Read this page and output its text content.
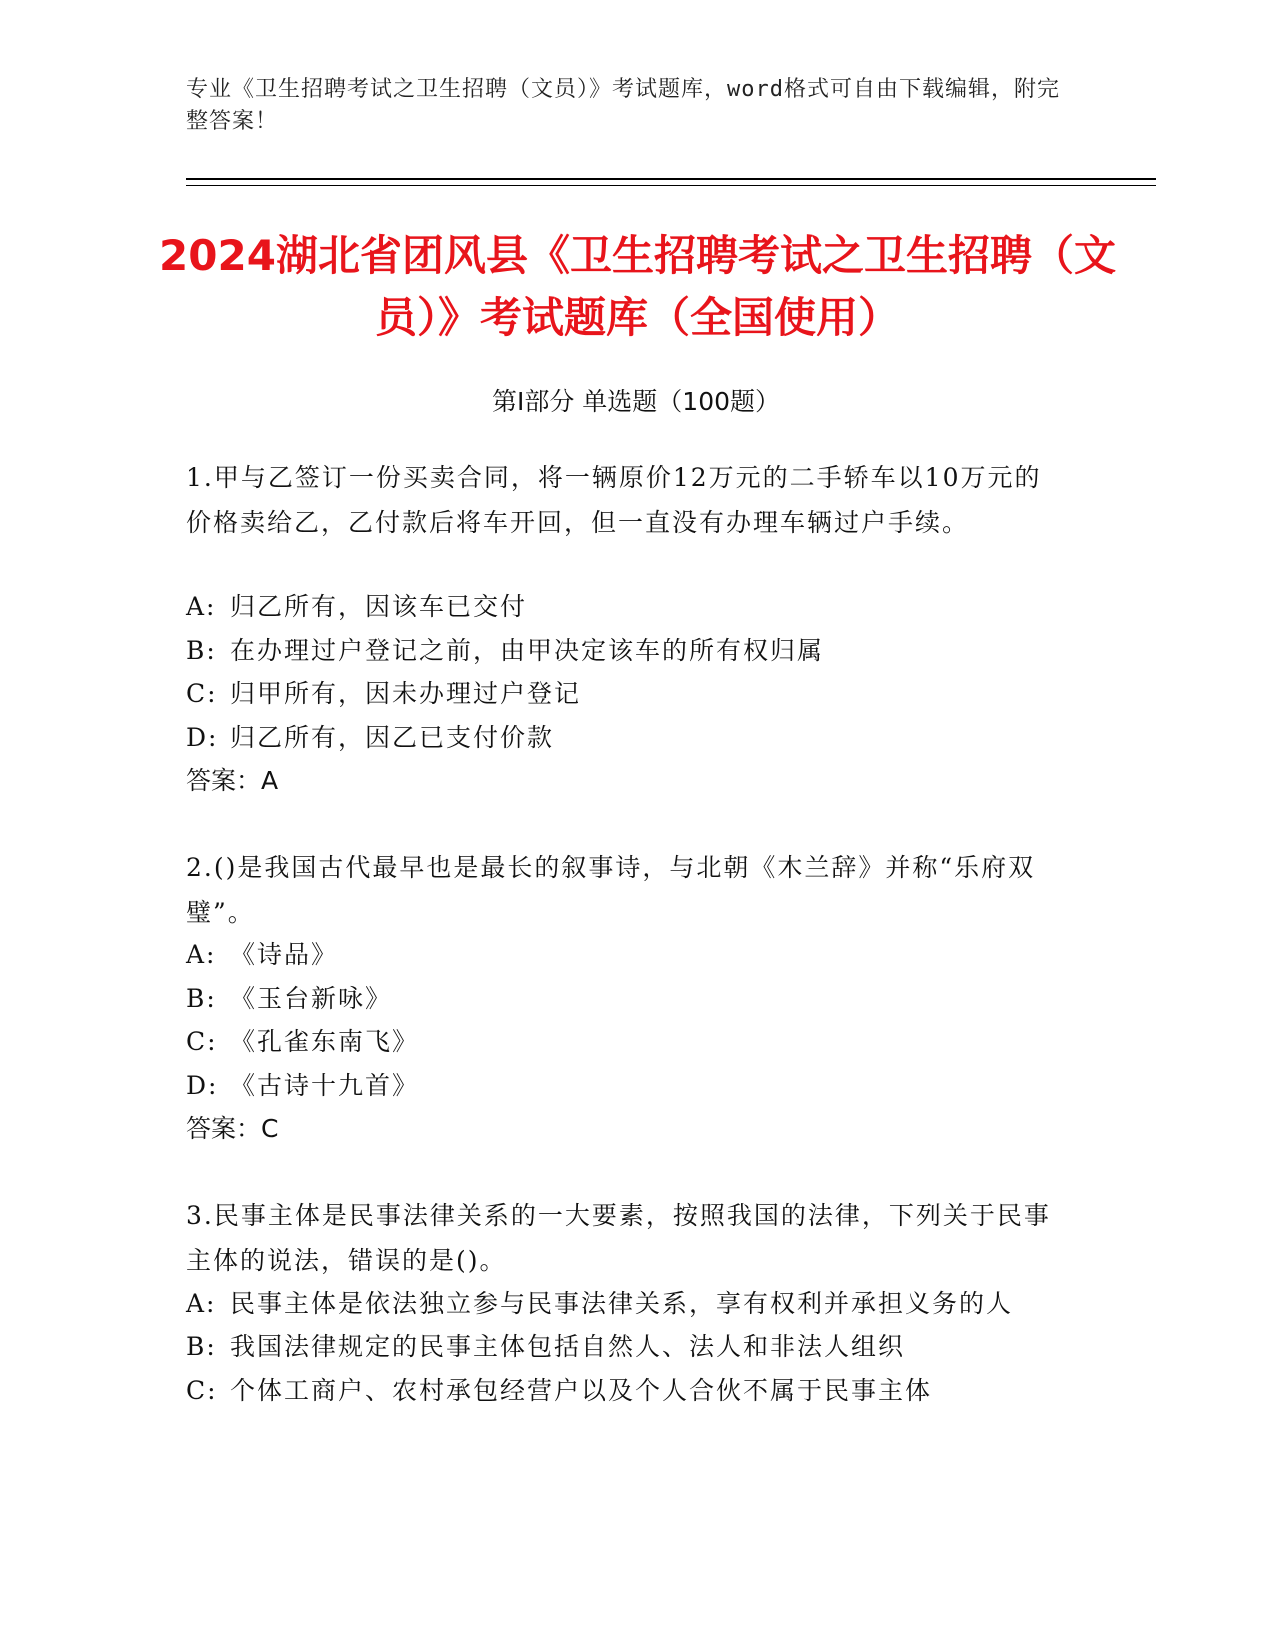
专业《卫生招聘考试之卫生招聘（文员）》考试题库，word格式可自由下载编辑，附完整答案！
2024湖北省团风县《卫生招聘考试之卫生招聘（文员）》考试题库（全国使用）
第Ⅰ部分 单选题（100题）
1.甲与乙签订一份买卖合同，将一辆原价12万元的二手轿车以10万元的价格卖给乙，乙付款后将车开回，但一直没有办理车辆过户手续。
A: 归乙所有，因该车已交付
B: 在办理过户登记之前，由甲决定该车的所有权归属
C: 归甲所有，因未办理过户登记
D: 归乙所有，因乙已支付价款
答案：A
2.()是我国古代最早也是最长的叙事诗，与北朝《木兰辞》并称“乐府双璧”。
A: 《诗品》
B: 《玉台新咏》
C: 《孔雀东南飞》
D: 《古诗十九首》
答案：C
3.民事主体是民事法律关系的一大要素，按照我国的法律，下列关于民事主体的说法，错误的是()。
A: 民事主体是依法独立参与民事法律关系，享有权利并承担义务的人
B: 我国法律规定的民事主体包括自然人、法人和非法人组织
C: 个体工商户、农村承包经营户以及个人合伙不属于民事主体
